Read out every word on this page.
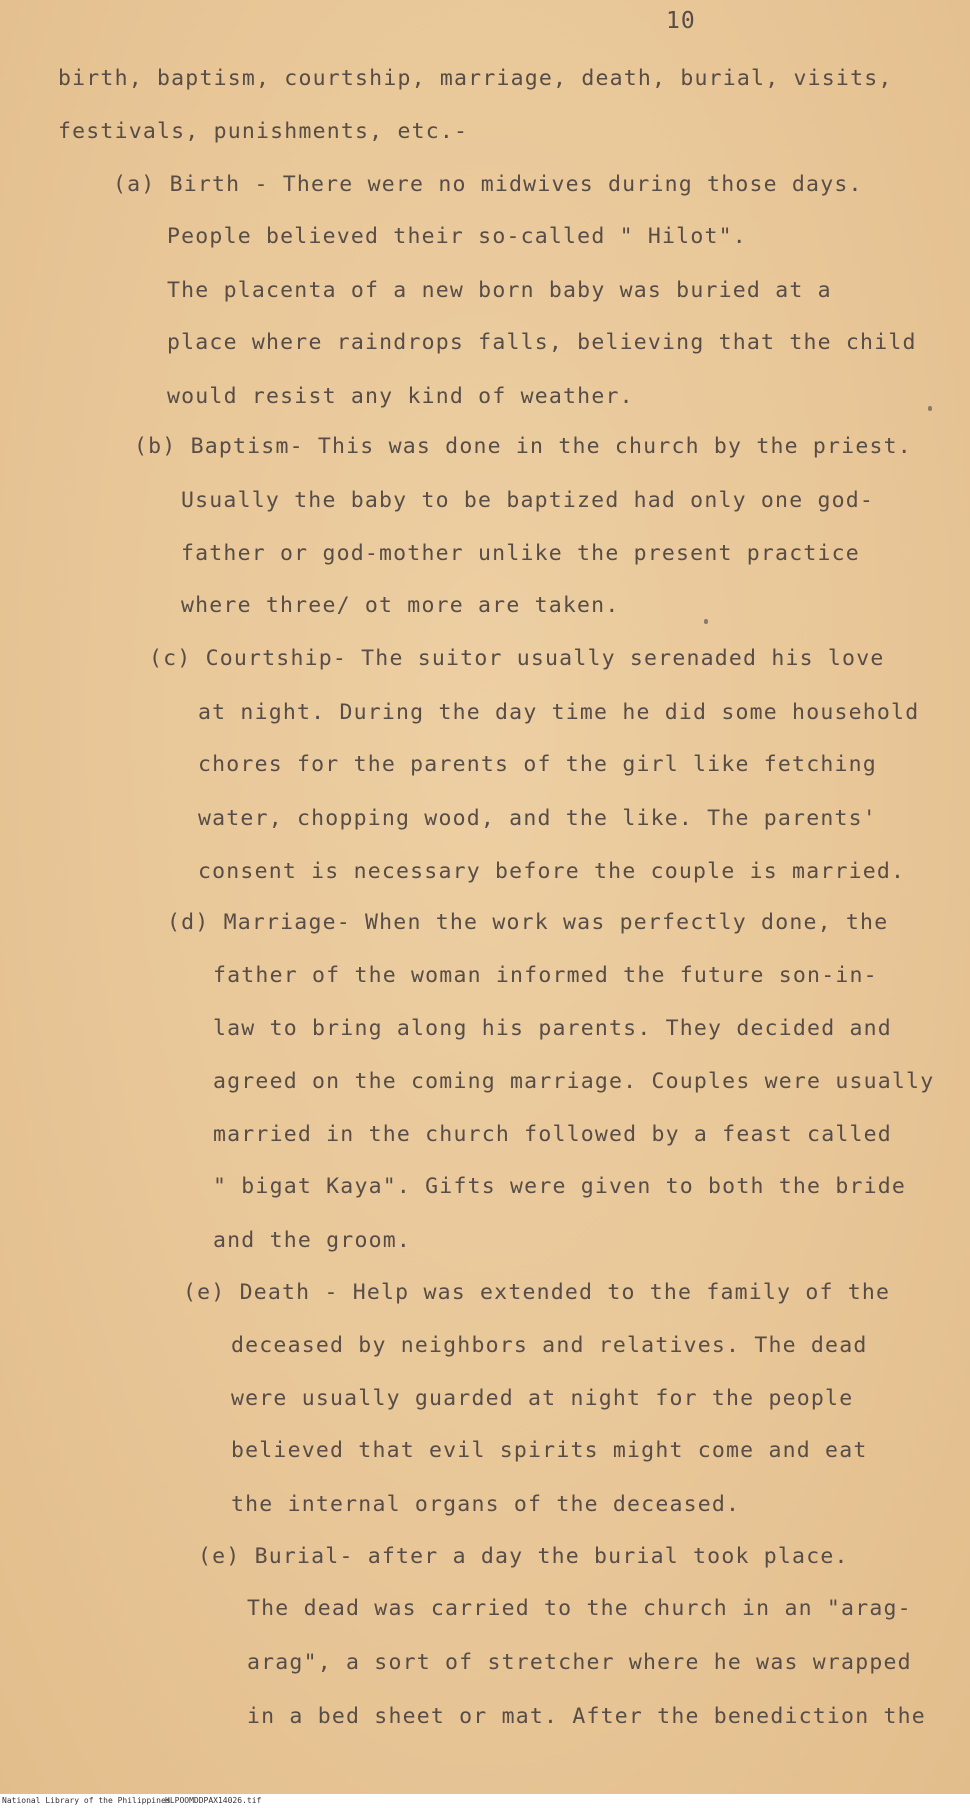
10
birth, baptism, courtship, marriage, death, burial, visits,
festivals, punishments, etc.-
(a) Birth - There were no midwives during those days.
People believed their so-called " Hilot".
The placenta of a new born baby was buried at a
place where raindrops falls, believing that the child
would resist any kind of weather.
(b) Baptism- This was done in the church by the priest.
Usually the baby to be baptized had only one god-
father or god-mother unlike the present practice
where three/ ot more are taken.
(c) Courtship- The suitor usually serenaded his love
at night. During the day time he did some household
chores for the parents of the girl like fetching
water, chopping wood, and the like. The parents'
consent is necessary before the couple is married.
(d) Marriage- When the work was perfectly done, the
father of the woman informed the future son-in-
law to bring along his parents. They decided and
agreed on the coming marriage. Couples were usually
married in the church followed by a feast called
" bigat Kaya". Gifts were given to both the bride
and the groom.
(e) Death - Help was extended to the family of the
deceased by neighbors and relatives. The dead
were usually guarded at night for the people
believed that evil spirits might come and eat
the internal organs of the deceased.
(e) Burial- after a day the burial took place.
The dead was carried to the church in an "arag-
arag", a sort of stretcher where he was wrapped
in a bed sheet or mat. After the benediction the
National Library of the Philippines
HLPOOMDDPAX14026.tif
